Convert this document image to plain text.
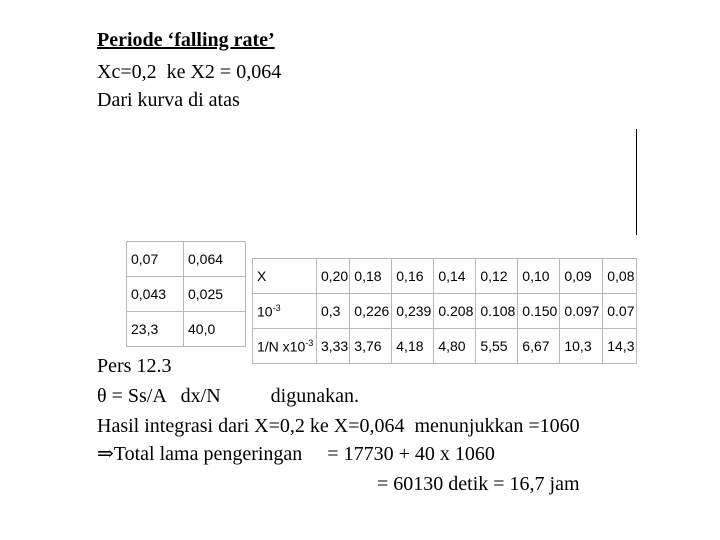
Periode ‘falling rate’

Xc=0,2  ke X2 = 0,064

Dari kurva di atas

X	0,20	0,18	0,16	0,14	0,12	0,10	0,09	0,08
$10^{-3}$	0,3	0,226	0,239	0.208	0.108	0.150	0.097	0.07
1/N $x10^{-3}$	3,33	3,76	4,18	4,80	5,55	6,67	10,3	14,3
0,07	0,064
0,043	0,025
23,3	40,0

Pers 12.3

θ = Ss/A   dx/N          digunakan.

Hasil integrasi dari X=0,2 ke X=0,064  menunjukkan =1060

⇒Total lama pengeringan     = 17730 + 40 x 1060

= 60130 detik = 16,7 jam
